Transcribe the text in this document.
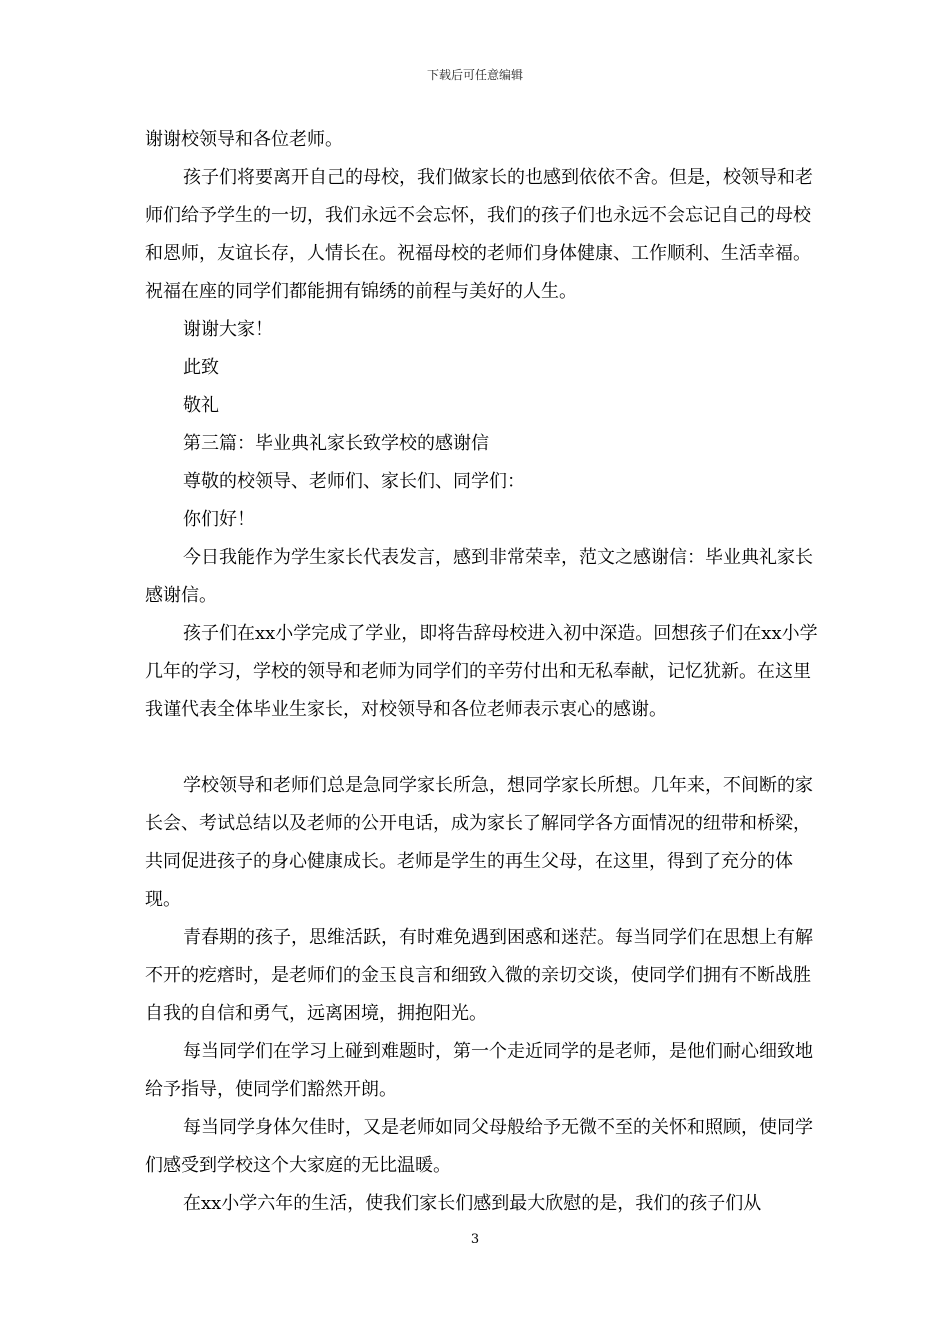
下载后可任意编辑

谢谢校领导和各位老师。

孩子们将要离开自己的母校，我们做家长的也感到依依不舍。但是，校领导和老师们给予学生的一切，我们永远不会忘怀，我们的孩子们也永远不会忘记自己的母校和恩师，友谊长存，人情长在。祝福母校的老师们身体健康、工作顺利、生活幸福。祝福在座的同学们都能拥有锦绣的前程与美好的人生。

谢谢大家！

此致

敬礼

第三篇：毕业典礼家长致学校的感谢信

尊敬的校领导、老师们、家长们、同学们：

你们好！

今日我能作为学生家长代表发言，感到非常荣幸，范文之感谢信：毕业典礼家长感谢信。

孩子们在xx小学完成了学业，即将告辞母校进入初中深造。回想孩子们在xx小学几年的学习，学校的领导和老师为同学们的辛劳付出和无私奉献，记忆犹新。在这里我谨代表全体毕业生家长，对校领导和各位老师表示衷心的感谢。

学校领导和老师们总是急同学家长所急，想同学家长所想。几年来，不间断的家长会、考试总结以及老师的公开电话，成为家长了解同学各方面情况的纽带和桥梁，共同促进孩子的身心健康成长。老师是学生的再生父母，在这里，得到了充分的体现。

青春期的孩子，思维活跃，有时难免遇到困惑和迷茫。每当同学们在思想上有解不开的疙瘩时，是老师们的金玉良言和细致入微的亲切交谈，使同学们拥有不断战胜自我的自信和勇气，远离困境，拥抱阳光。

每当同学们在学习上碰到难题时，第一个走近同学的是老师，是他们耐心细致地给予指导，使同学们豁然开朗。

每当同学身体欠佳时，又是老师如同父母般给予无微不至的关怀和照顾，使同学们感受到学校这个大家庭的无比温暖。

在xx小学六年的生活，使我们家长们感到最大欣慰的是，我们的孩子们从

3
